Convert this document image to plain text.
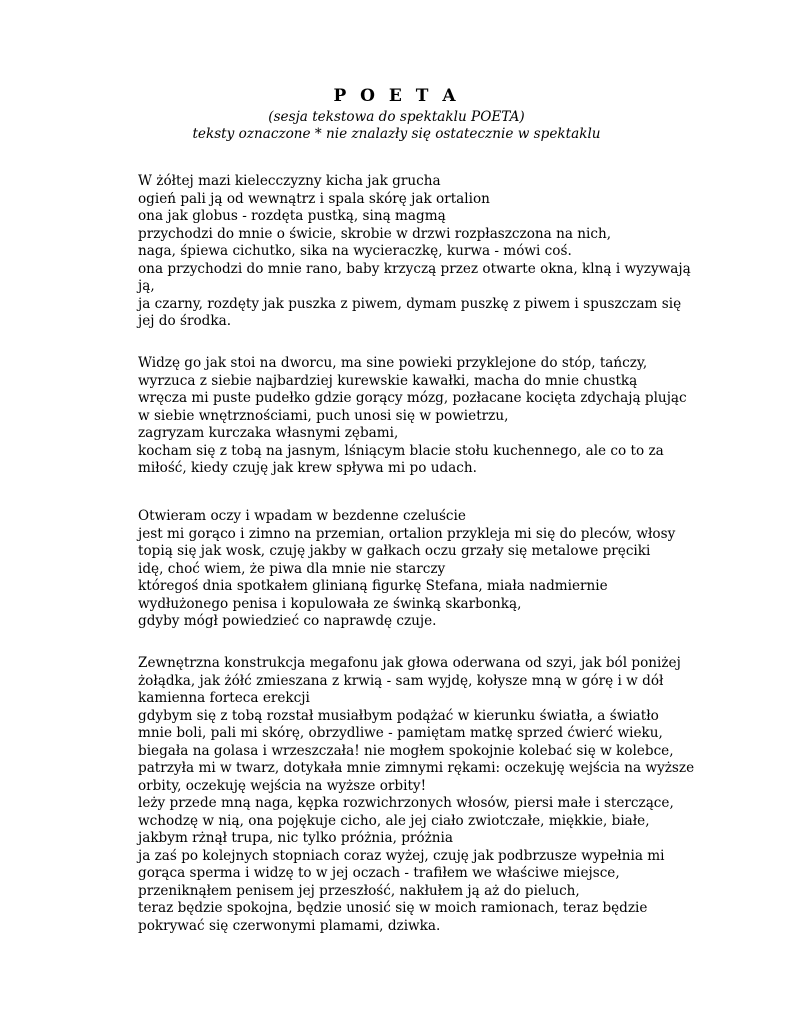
P O E T A
(sesja tekstowa do spektaklu POETA)
teksty oznaczone * nie znalazły się ostatecznie w spektaklu
W żółtej mazi kielecczyzny kicha jak grucha
ogień pali ją od wewnątrz i spala skórę jak ortalion
ona jak globus - rozdęta pustką, siną magmą
przychodzi do mnie o świcie, skrobie w drzwi rozpłaszczona na nich,
naga, śpiewa cichutko, sika na wycieraczkę, kurwa - mówi coś.
ona przychodzi do mnie rano, baby krzyczą przez otwarte okna, klną i wyzywają
ją,
ja czarny, rozdęty jak puszka z piwem, dymam puszkę z piwem i spuszczam się
jej do środka.
Widzę go jak stoi na dworcu, ma sine powieki przyklejone do stóp, tańczy,
wyrzuca z siebie najbardziej kurewskie kawałki, macha do mnie chustką
wręcza mi puste pudełko gdzie gorący mózg, pozłacane kocięta zdychają plując
w siebie wnętrznościami, puch unosi się w powietrzu,
zagryzam kurczaka własnymi zębami,
kocham się z tobą na jasnym, lśniącym blacie stołu kuchennego, ale co to za
miłość, kiedy czuję jak krew spływa mi po udach.
Otwieram oczy i wpadam w bezdenne czeluście
jest mi gorąco i zimno na przemian, ortalion przykleja mi się do pleców, włosy
topią się jak wosk, czuję jakby w gałkach oczu grzały się metalowe pręciki
idę, choć wiem, że piwa dla mnie nie starczy
któregoś dnia spotkałem glinianą figurkę Stefana, miała nadmiernie
wydłużonego penisa i kopulowała ze świnką skarbonką,
gdyby mógł powiedzieć co naprawdę czuje.
Zewnętrzna konstrukcja megafonu jak głowa oderwana od szyi, jak ból poniżej
żołądka, jak żółć zmieszana z krwią - sam wyjdę, kołysze mną w górę i w dół
kamienna forteca erekcji
gdybym się z tobą rozstał musiałbym podążać w kierunku światła, a światło
mnie boli, pali mi skórę, obrzydliwe - pamiętam matkę sprzed ćwierć wieku,
biegała na golasa i wrzeszczała! nie mogłem spokojnie kolebać się w kolebce,
patrzyła mi w twarz, dotykała mnie zimnymi rękami: oczekuję wejścia na wyższe
orbity, oczekuję wejścia na wyższe orbity!
leży przede mną naga, kępka rozwichrzonych włosów, piersi małe i sterczące,
wchodzę w nią, ona pojękuje cicho, ale jej ciało zwiotczałe, miękkie, białe,
jakbym rżnął trupa, nic tylko próżnia, próżnia
ja zaś po kolejnych stopniach coraz wyżej, czuję jak podbrzusze wypełnia mi
gorąca sperma i widzę to w jej oczach - trafiłem we właściwe miejsce,
przeniknąłem penisem jej przeszłość, nakłułem ją aż do pieluch,
teraz będzie spokojna, będzie unosić się w moich ramionach, teraz będzie
pokrywać się czerwonymi plamami, dziwka.
